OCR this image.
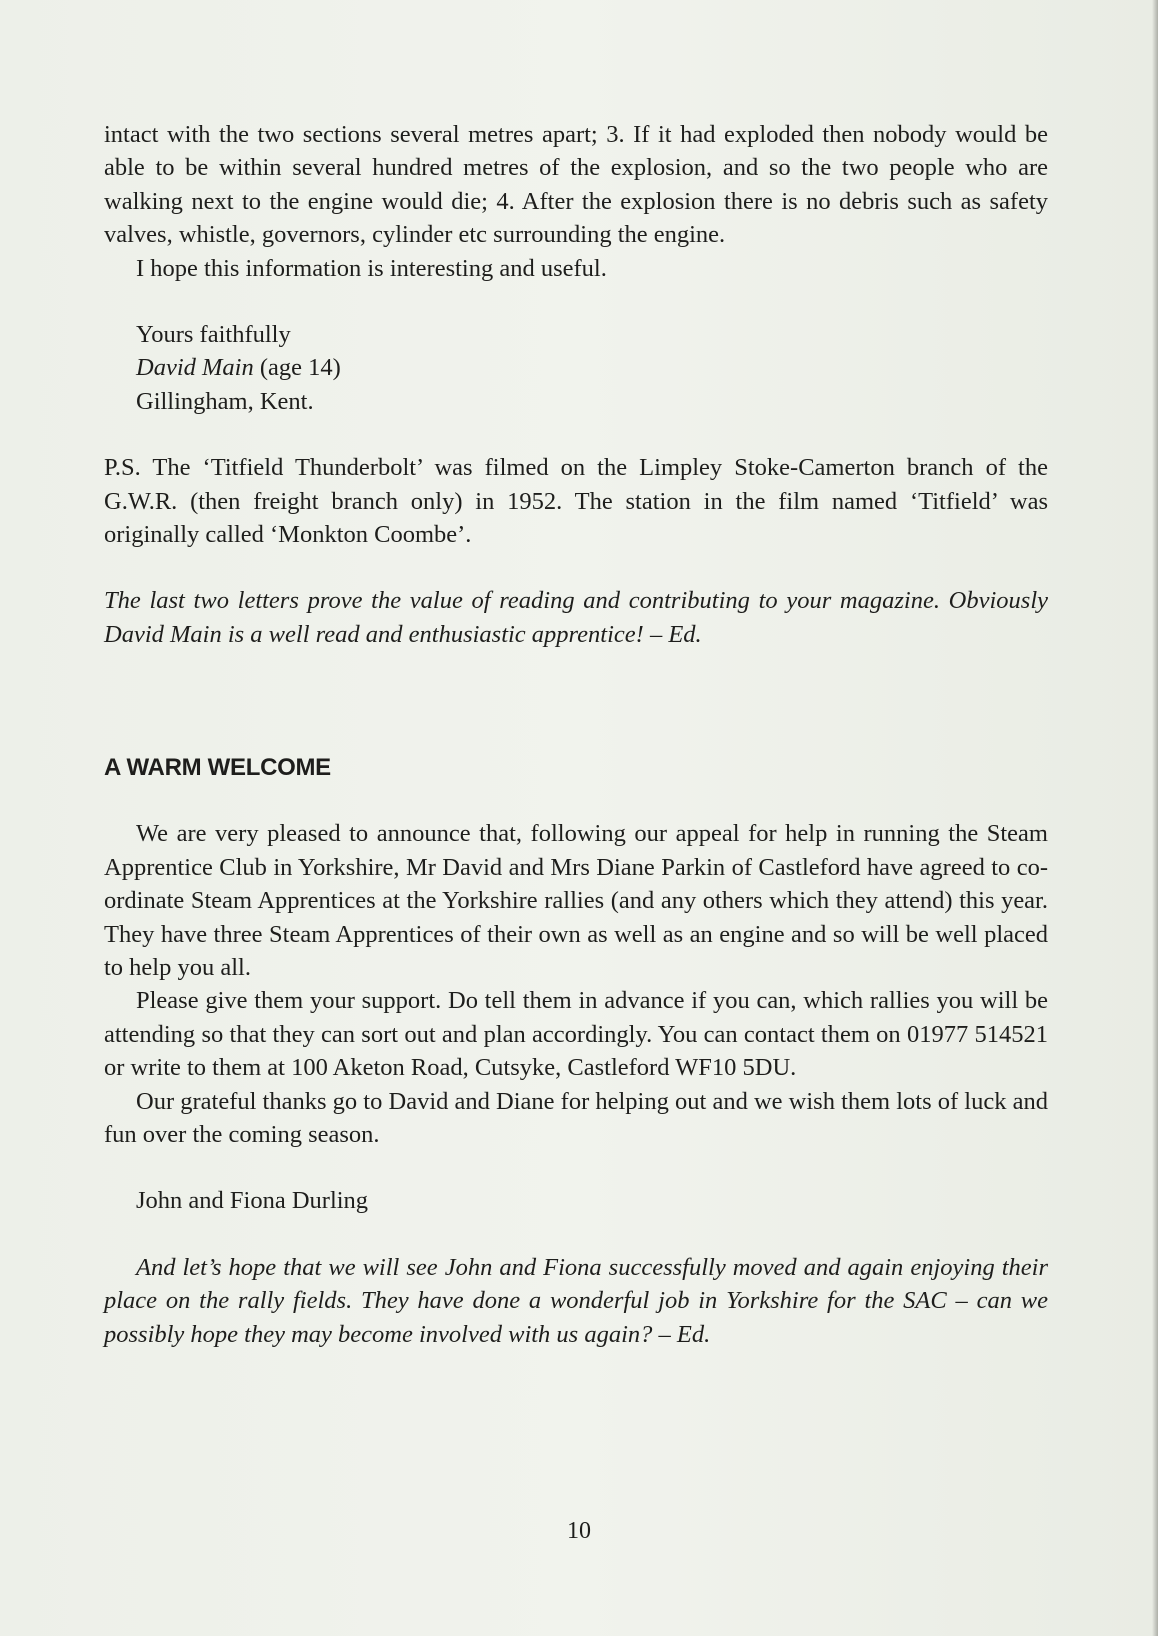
intact with the two sections several metres apart; 3. If it had exploded then nobody would be able to be within several hundred metres of the explosion, and so the two people who are walking next to the engine would die; 4. After the explosion there is no debris such as safety valves, whistle, governors, cylinder etc surrounding the engine.

I hope this information is interesting and useful.

Yours faithfully
David Main (age 14)
Gillingham, Kent.

P.S. The ‘Titfield Thunderbolt’ was filmed on the Limpley Stoke-Camerton branch of the G.W.R. (then freight branch only) in 1952. The station in the film named ‘Titfield’ was originally called ‘Monkton Coombe’.

The last two letters prove the value of reading and contributing to your magazine. Obviously David Main is a well read and enthusiastic apprentice! – Ed.

A WARM WELCOME

We are very pleased to announce that, following our appeal for help in running the Steam Apprentice Club in Yorkshire, Mr David and Mrs Diane Parkin of Castleford have agreed to co-ordinate Steam Apprentices at the Yorkshire rallies (and any others which they attend) this year. They have three Steam Apprentices of their own as well as an engine and so will be well placed to help you all.

Please give them your support. Do tell them in advance if you can, which rallies you will be attending so that they can sort out and plan accordingly. You can contact them on 01977 514521 or write to them at 100 Aketon Road, Cutsyke, Castleford WF10 5DU.

Our grateful thanks go to David and Diane for helping out and we wish them lots of luck and fun over the coming season.

John and Fiona Durling

And let’s hope that we will see John and Fiona successfully moved and again enjoying their place on the rally fields. They have done a wonderful job in Yorkshire for the SAC – can we possibly hope they may become involved with us again? – Ed.

10
